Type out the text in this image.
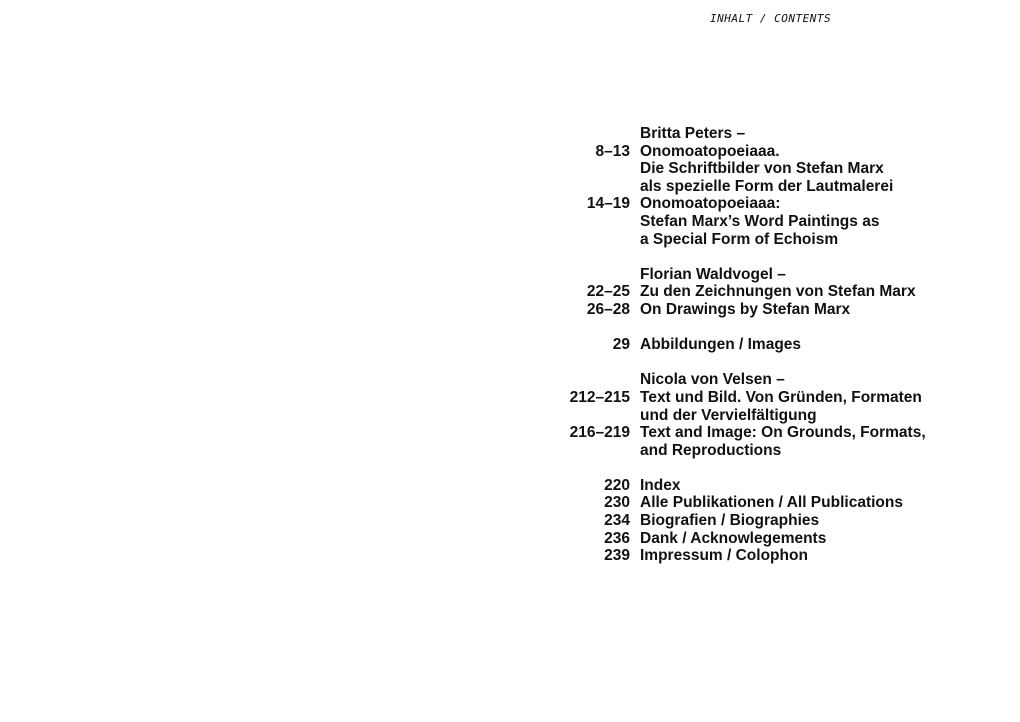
INHALT / CONTENTS
Britta Peters –
8–13 Onomoatopoeiaaa.
Die Schriftbilder von Stefan Marx
als spezielle Form der Lautmalerei
14–19 Onomoatopoeiaaa:
Stefan Marx’s Word Paintings as
a Special Form of Echoism
Florian Waldvogel –
22–25 Zu den Zeichnungen von Stefan Marx
26–28 On Drawings by Stefan Marx
29 Abbildungen / Images
Nicola von Velsen –
212–215 Text und Bild. Von Gründen, Formaten
und der Vervielfältigung
216–219 Text and Image: On Grounds, Formats,
and Reproductions
220 Index
230 Alle Publikationen / All Publications
234 Biografien / Biographies
236 Dank / Acknowlegements
239 Impressum / Colophon
